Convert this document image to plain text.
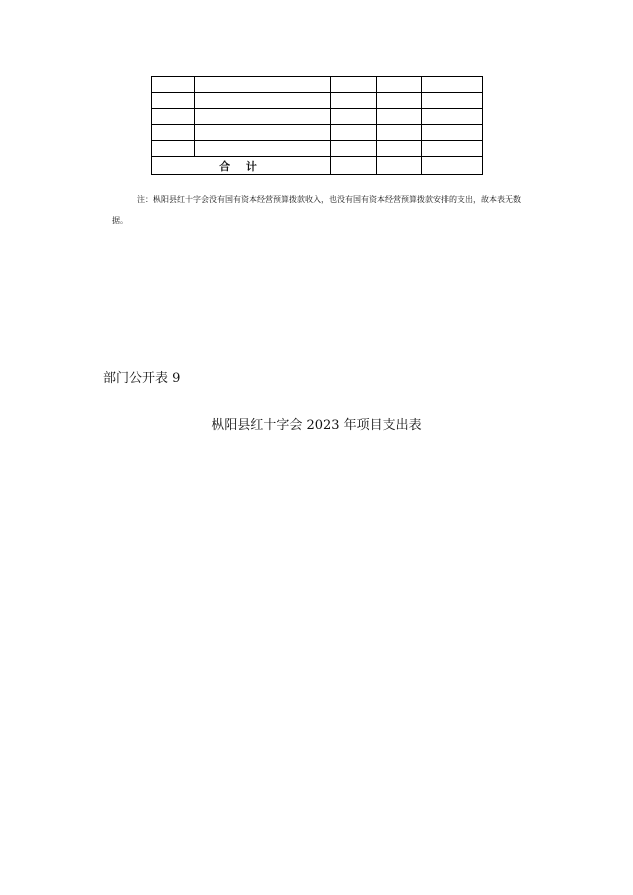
合 计				

注：枞阳县红十字会没有国有资本经营预算拨款收入，也没有国有资本经营预算拨款安排的支出，故本表无数据。

部门公开表 9

枞阳县红十字会 2023 年项目支出表
